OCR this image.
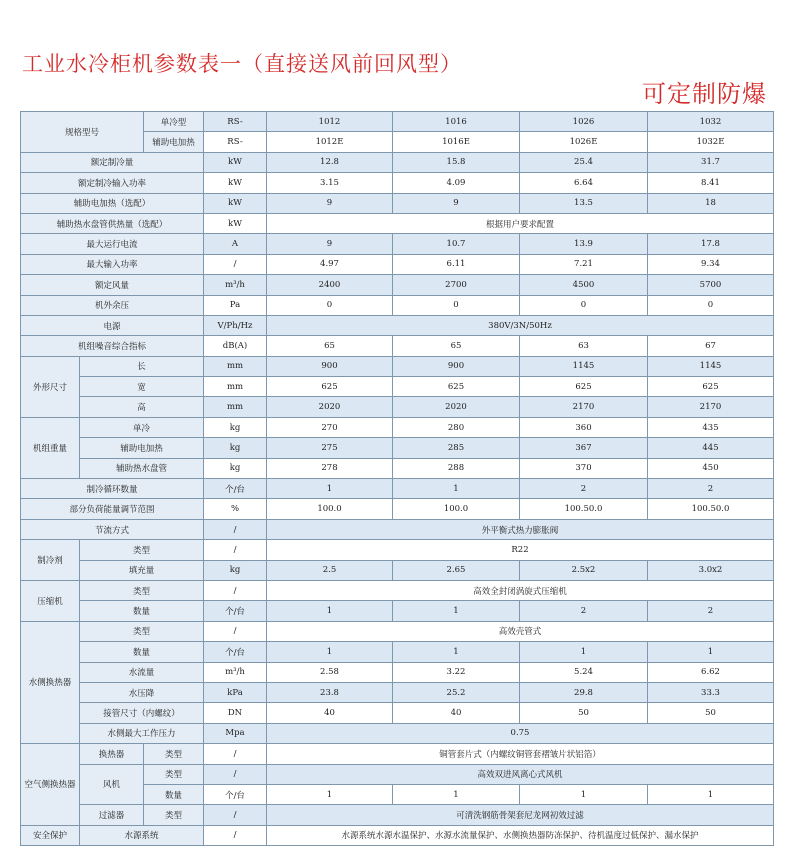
工业水冷柜机参数表一（直接送风前回风型）
可定制防爆
规格型号		单冷型	RS-	1012	1016	1026	1032
		辅助电加热	RS-	1012E	1016E	1026E	1032E
额定制冷量			kW	12.8	15.8	25.4	31.7
额定制冷输入功率			kW	3.15	4.09	6.64	8.41
辅助电加热（选配）			kW	9	9	13.5	18
辅助热水盘管供热量（选配）			kW	根据用户要求配置			
最大运行电流			A	9	10.7	13.9	17.8
最大输入功率			/	4.97	6.11	7.21	9.34
额定风量			m³/h	2400	2700	4500	5700
机外余压			Pa	0	0	0	0
电源			V/Ph/Hz	380V/3N/50Hz			
机组噪音综合指标			dB(A)	65	65	63	67
外形尺寸	长		mm	900	900	1145	1145
	宽		mm	625	625	625	625
	高		mm	2020	2020	2170	2170
机组重量	单冷		kg	270	280	360	435
	辅助电加热		kg	275	285	367	445
	辅助热水盘管		kg	278	288	370	450
制冷循环数量			个/台	1	1	2	2
部分负荷能量调节范围			%	100.0	100.0	100.50.0	100.50.0
节流方式			/	外平衡式热力膨胀阀			
制冷剂	类型		/	R22			
	填充量		kg	2.5	2.65	2.5x2	3.0x2
压缩机	类型		/	高效全封闭涡旋式压缩机			
	数量		个/台	1	1	2	2
水侧换热器	类型		/	高效壳管式			
	数量		个/台	1	1	1	1
	水流量		m³/h	2.58	3.22	5.24	6.62
	水压降		kPa	23.8	25.2	29.8	33.3
	接管尺寸（内螺纹）		DN	40	40	50	50
	水侧最大工作压力		Mpa	0.75			
空气侧换热器	换热器	类型	/	铜管套片式（内螺纹铜管套褶皱片状铝箔）			
	风机	类型	/	高效双进风离心式风机			
		数量	个/台	1	1	1	1
	过滤器	类型	/	可清洗钢筋骨架套尼龙网初效过滤			
安全保护	水源系统		/	水源系统水源水温保护、水源水流量保护、水侧换热器防冻保护、待机温度过低保护、漏水保护			
